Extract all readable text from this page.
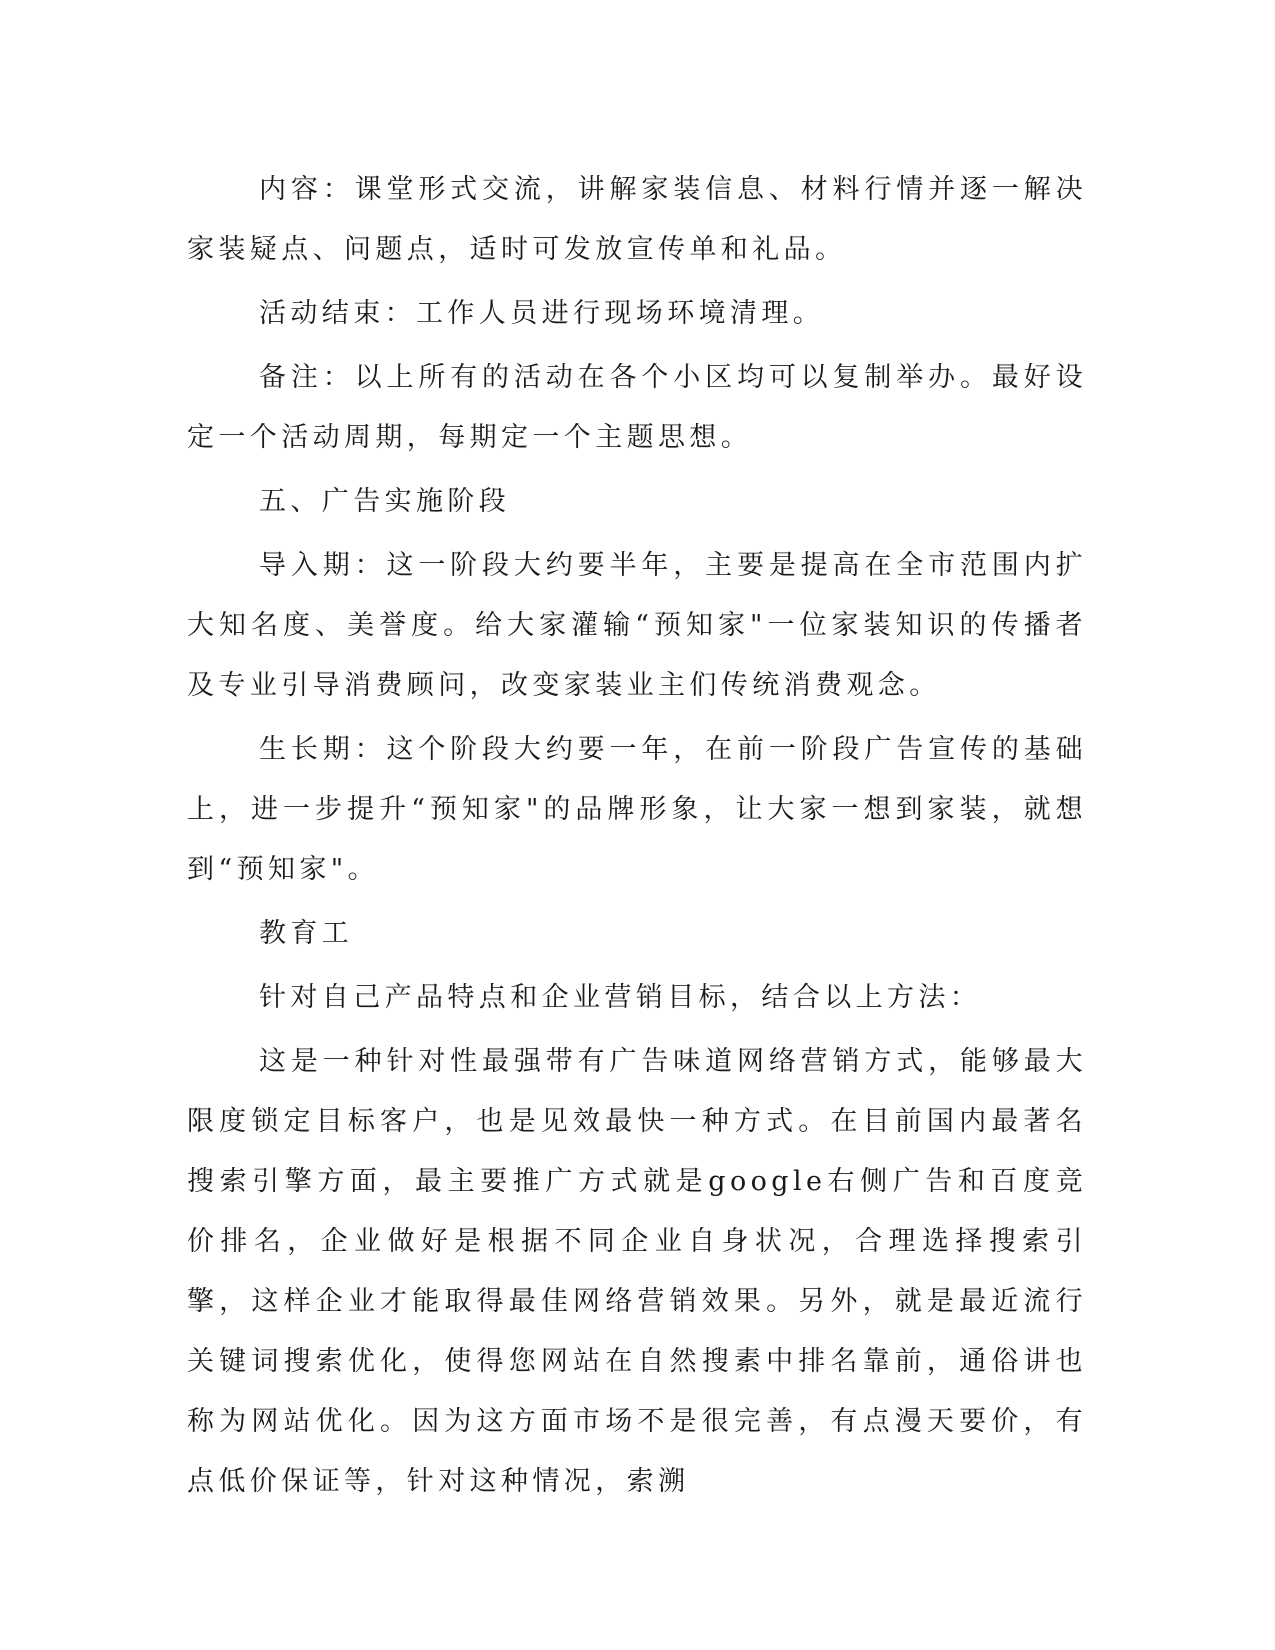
内容：课堂形式交流，讲解家装信息、材料行情并逐一解决家装疑点、问题点，适时可发放宣传单和礼品。

活动结束：工作人员进行现场环境清理。

备注：以上所有的活动在各个小区均可以复制举办。最好设定一个活动周期，每期定一个主题思想。

五、广告实施阶段

导入期：这一阶段大约要半年，主要是提高在全市范围内扩大知名度、美誉度。给大家灌输“预知家"一位家装知识的传播者及专业引导消费顾问，改变家装业主们传统消费观念。

生长期：这个阶段大约要一年，在前一阶段广告宣传的基础上，进一步提升“预知家"的品牌形象，让大家一想到家装，就想到“预知家"。

教育工

针对自己产品特点和企业营销目标，结合以上方法：

这是一种针对性最强带有广告味道网络营销方式，能够最大限度锁定目标客户，也是见效最快一种方式。在目前国内最著名搜索引擎方面，最主要推广方式就是google右侧广告和百度竞价排名，企业做好是根据不同企业自身状况，合理选择搜索引擎，这样企业才能取得最佳网络营销效果。另外，就是最近流行关键词搜索优化，使得您网站在自然搜素中排名靠前，通俗讲也称为网站优化。因为这方面市场不是很完善，有点漫天要价，有点低价保证等，针对这种情况，索溯
